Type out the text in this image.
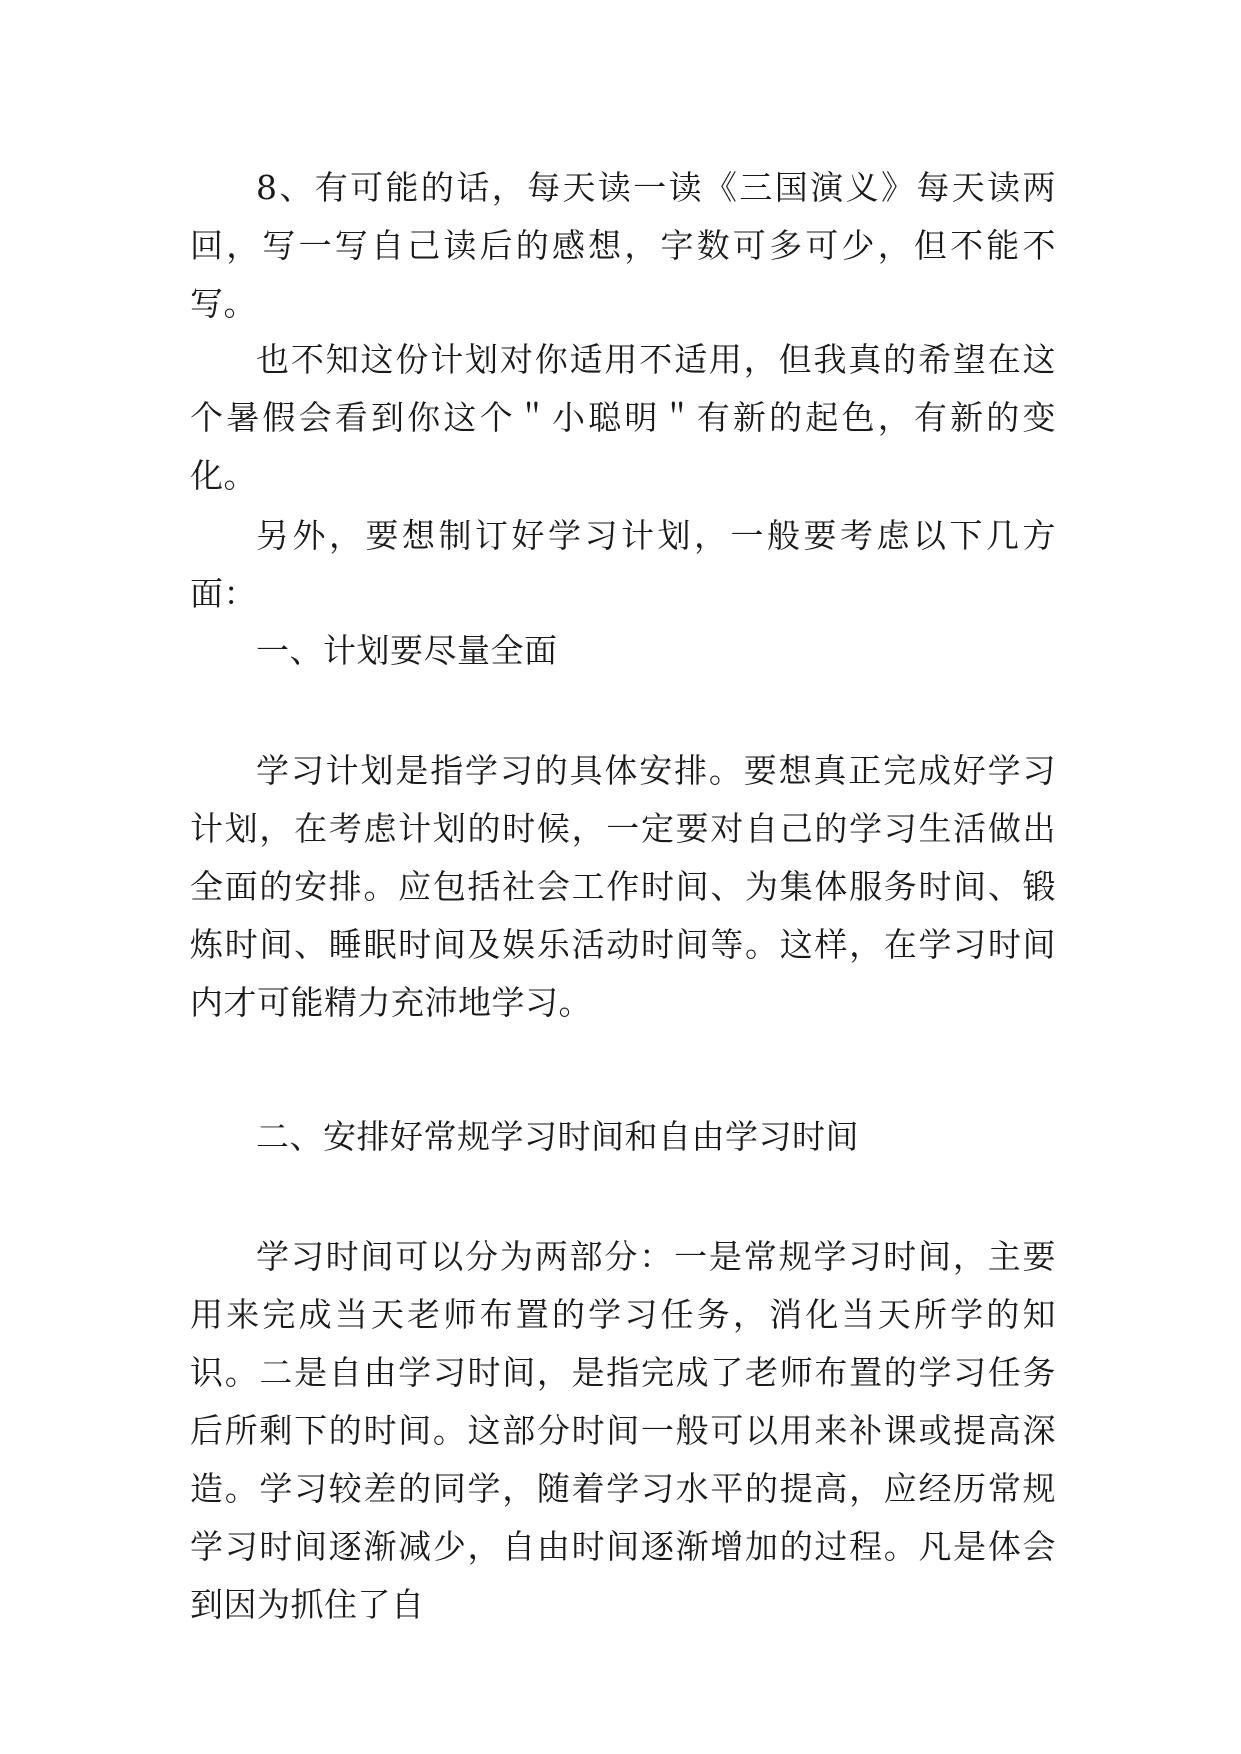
8、有可能的话，每天读一读《三国演义》每天读两回，写一写自己读后的感想，字数可多可少，但不能不写。

也不知这份计划对你适用不适用，但我真的希望在这个暑假会看到你这个＂小聪明＂有新的起色，有新的变化。

另外，要想制订好学习计划，一般要考虑以下几方面：

一、计划要尽量全面

学习计划是指学习的具体安排。要想真正完成好学习计划，在考虑计划的时候，一定要对自己的学习生活做出全面的安排。应包括社会工作时间、为集体服务时间、锻炼时间、睡眠时间及娱乐活动时间等。这样，在学习时间内才可能精力充沛地学习。

二、安排好常规学习时间和自由学习时间

学习时间可以分为两部分：一是常规学习时间，主要用来完成当天老师布置的学习任务，消化当天所学的知识。二是自由学习时间，是指完成了老师布置的学习任务后所剩下的时间。这部分时间一般可以用来补课或提高深造。学习较差的同学，随着学习水平的提高，应经历常规学习时间逐渐减少，自由时间逐渐增加的过程。凡是体会到因为抓住了自
